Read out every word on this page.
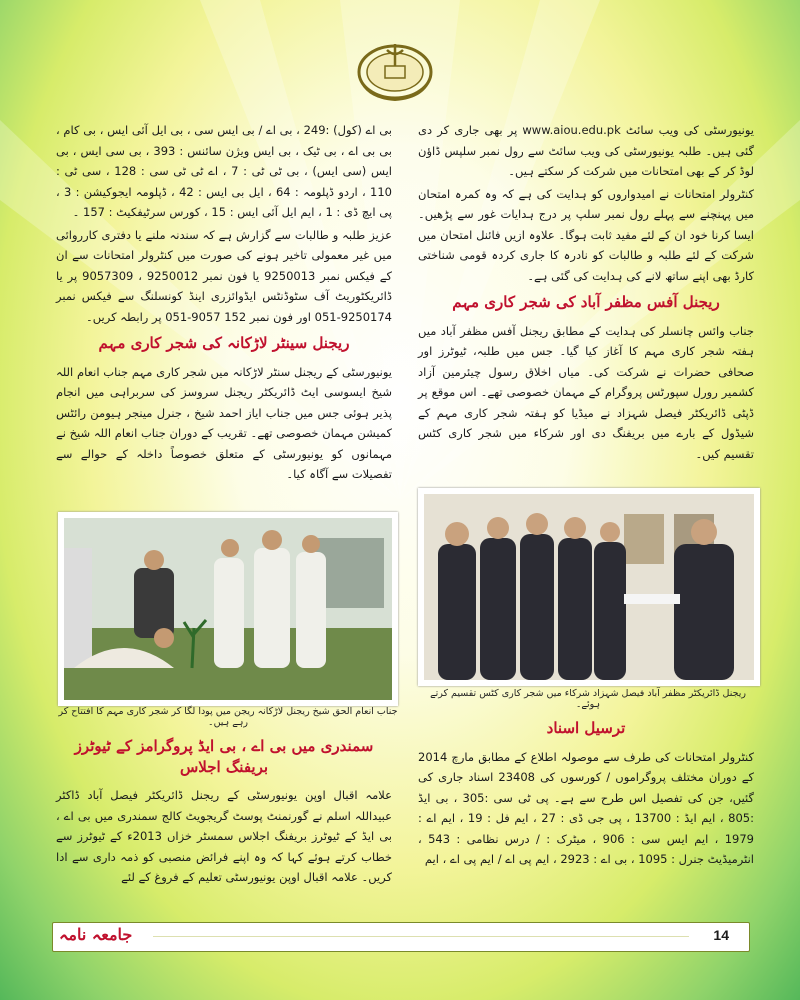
یونیورسٹی کی ویب سائٹ www.aiou.edu.pk پر بھی جاری کر دی گئی ہیں۔ طلبہ یونیورسٹی کی ویب سائٹ سے رول نمبر سلپس ڈاؤن لوڈ کر کے بھی امتحانات میں شرکت کر سکتے ہیں۔

کنٹرولر امتحانات نے امیدواروں کو ہدایت کی ہے کہ وہ کمرہ امتحان میں پہنچنے سے پہلے رول نمبر سلپ پر درج ہدایات غور سے پڑھیں۔ ایسا کرنا خود ان کے لئے مفید ثابت ہوگا۔ علاوہ ازیں فائنل امتحان میں شرکت کے لئے طلبہ و طالبات کو نادرہ کا جاری کردہ قومی شناختی کارڈ بھی اپنے ساتھ لانے کی ہدایت کی گئی ہے۔

ریجنل آفس مظفر آباد کی شجر کاری مہم

جناب وائس چانسلر کی ہدایت کے مطابق ریجنل آفس مظفر آباد میں ہفتہ شجر کاری مہم کا آغاز کیا گیا۔ جس میں طلبہ، ٹیوٹرز اور صحافی حضرات نے شرکت کی۔ میاں اخلاق رسول چیئرمین آزاد کشمیر رورل سپورٹس پروگرام کے مہمان خصوصی تھے۔ اس موقع پر ڈپٹی ڈائریکٹر فیصل شہزاد نے میڈیا کو ہفتہ شجر کاری مہم کے شیڈول کے بارے میں بریفنگ دی اور شرکاء میں شجر کاری کٹس تقسیم کیں۔

ریجنل ڈائریکٹر مظفر آباد فیصل شہزاد شرکاء میں شجر کاری کٹس تقسیم کرتے ہوئے۔
ترسیل اسناد

کنٹرولر امتحانات کی طرف سے موصولہ اطلاع کے مطابق مارچ 2014 کے دوران مختلف پروگراموں / کورسوں کی 23408 اسناد جاری کی گئیں، جن کی تفصیل اس طرح سے ہے۔ پی ٹی سی :305 ، بی ایڈ :805 ، ایم ایڈ : 13700 ، پی جی ڈی : 27 ، ایم فل : 19 ، ایم اے : 1979 ، ایم ایس سی : 906 ، میٹرک : / درس نظامی : 543 ، انٹرمیڈیٹ جنرل : 1095 ، بی اے : 2923 ، ایم پی اے / ایم پی اے ، ایم

بی اے (کول) :249 ، بی اے / بی ایس سی ، بی ایل آئی ایس ، بی کام ، بی بی اے ، بی ٹیک ، بی ایس ویژن سائنس : 393 ، بی سی ایس ، بی ایس (سی ایس) ، بی ٹی ٹی : 7 ، اے ٹی ٹی سی : 128 ، سی ٹی : 110 ، اردو ڈپلومہ : 64 ، ایل بی ایس : 42 ، ڈپلومہ ایجوکیشن : 3 ، پی ایچ ڈی : 1 ، ایم ایل آئی ایس : 15 ، کورس سرٹیفکیٹ : 157 ۔

عزیز طلبہ و طالبات سے گزارش ہے کہ سندنہ ملنے یا دفتری کارروائی میں غیر معمولی تاخیر ہونے کی صورت میں کنٹرولر امتحانات سے ان کے فیکس نمبر 9250013 یا فون نمبر 9250012 ، 9057309 پر یا ڈائریکٹوریٹ آف سٹوڈنٹس ایڈوائزری اینڈ کونسلنگ سے فیکس نمبر 9250174-051 اور فون نمبر 152 9057-051 پر رابطہ کریں۔

ریجنل سینٹر لاڑکانہ کی شجر کاری مہم

یونیورسٹی کے ریجنل سنٹر لاڑکانہ میں شجر کاری مہم جناب انعام اللہ شیخ ایسوسی ایٹ ڈائریکٹر ریجنل سروسز کی سربراہی میں انجام پذیر ہوئی جس میں جناب ایاز احمد شیخ ، جنرل مینجر ہیومن رائٹس کمیشن مہمان خصوصی تھے۔ تقریب کے دوران جناب انعام اللہ شیخ نے مہمانوں کو یونیورسٹی کے متعلق خصوصاً داخلہ کے حوالے سے تفصیلات سے آگاہ کیا۔

جناب انعام الحق شیخ ریجنل لاڑکانہ ریجن میں پودا لگا کر شجر کاری مہم کا افتتاح کر رہے ہیں۔
سمندری میں بی اے ، بی ایڈ پروگرامز کے ٹیوٹرز بریفنگ اجلاس

علامہ اقبال اوپن یونیورسٹی کے ریجنل ڈائریکٹر فیصل آباد ڈاکٹر عبیداللہ اسلم نے گورنمنٹ پوسٹ گریجویٹ کالج سمندری میں بی اے ، بی ایڈ کے ٹیوٹرز بریفنگ اجلاس سمسٹر خزاں 2013ء کے ٹیوٹرز سے خطاب کرتے ہوئے کہا کہ وہ اپنے فرائض منصبی کو ذمہ داری سے ادا کریں۔ علامہ اقبال اوپن یونیورسٹی تعلیم کے فروغ کے لئے

جامعہ نامہ	14
